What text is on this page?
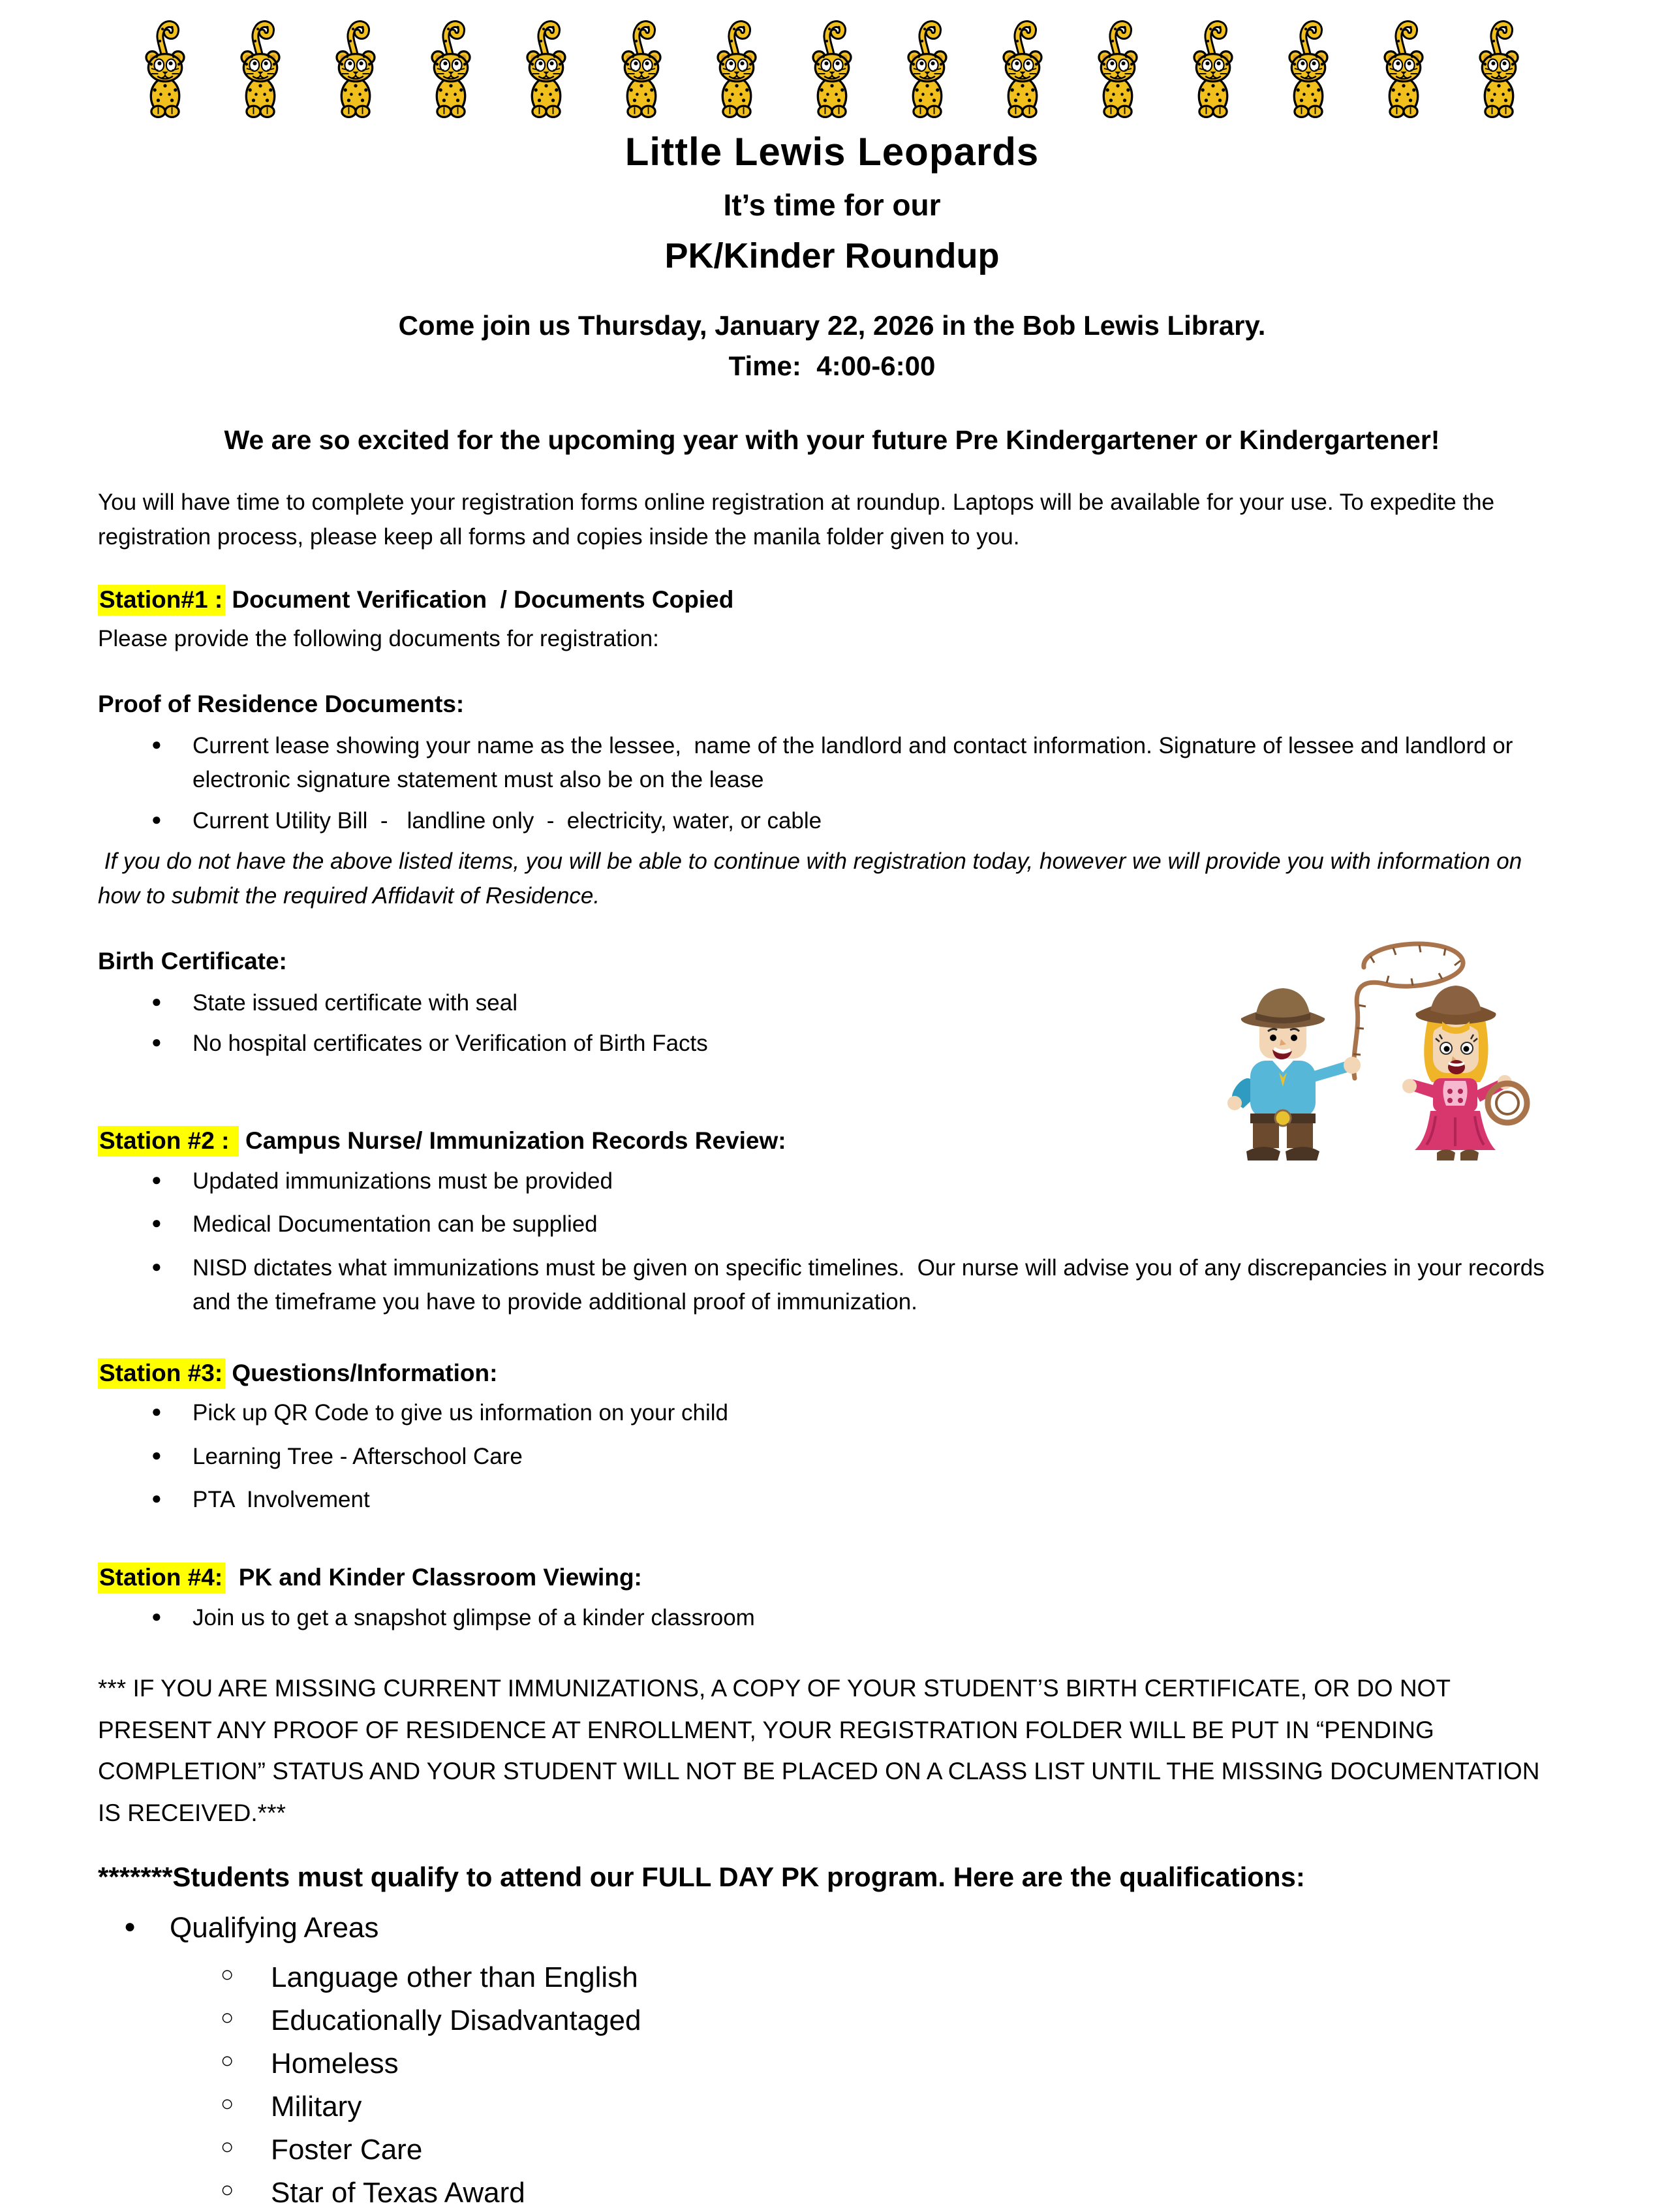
Little Lewis Leopards
It’s time for our
PK/Kinder Roundup
Come join us Thursday, January 22, 2026 in the Bob Lewis Library.
Time:  4:00-6:00
We are so excited for the upcoming year with your future Pre Kindergartener or Kindergartener!
You will have time to complete your registration forms online registration at roundup. Laptops will be available for your use. To expedite the registration process, please keep all forms and copies inside the manila folder given to you.
Station#1 : Document Verification  / Documents Copied
Please provide the following documents for registration:
Proof of Residence Documents:
● Current lease showing your name as the lessee,  name of the landlord and contact information. Signature of lessee and landlord or electronic signature statement must also be on the lease
● Current Utility Bill  -   landline only  -  electricity, water, or cable
If you do not have the above listed items, you will be able to continue with registration today, however we will provide you with information on how to submit the required Affidavit of Residence.
Birth Certificate:
● State issued certificate with seal
● No hospital certificates or Verification of Birth Facts
Station #2 :  Campus Nurse/ Immunization Records Review:
● Updated immunizations must be provided
● Medical Documentation can be supplied
● NISD dictates what immunizations must be given on specific timelines.  Our nurse will advise you of any discrepancies in your records and the timeframe you have to provide additional proof of immunization.
Station #3: Questions/Information:
● Pick up QR Code to give us information on your child
● Learning Tree - Afterschool Care
● PTA  Involvement
Station #4:  PK and Kinder Classroom Viewing:
● Join us to get a snapshot glimpse of a kinder classroom
*** IF YOU ARE MISSING CURRENT IMMUNIZATIONS, A COPY OF YOUR STUDENT’S BIRTH CERTIFICATE, OR DO NOT PRESENT ANY PROOF OF RESIDENCE AT ENROLLMENT, YOUR REGISTRATION FOLDER WILL BE PUT IN “PENDING COMPLETION” STATUS AND YOUR STUDENT WILL NOT BE PLACED ON A CLASS LIST UNTIL THE MISSING DOCUMENTATION IS RECEIVED.***
*******Students must qualify to attend our FULL DAY PK program. Here are the qualifications:
● Qualifying Areas
○ Language other than English
○ Educationally Disadvantaged
○ Homeless
○ Military
○ Foster Care
○ Star of Texas Award
